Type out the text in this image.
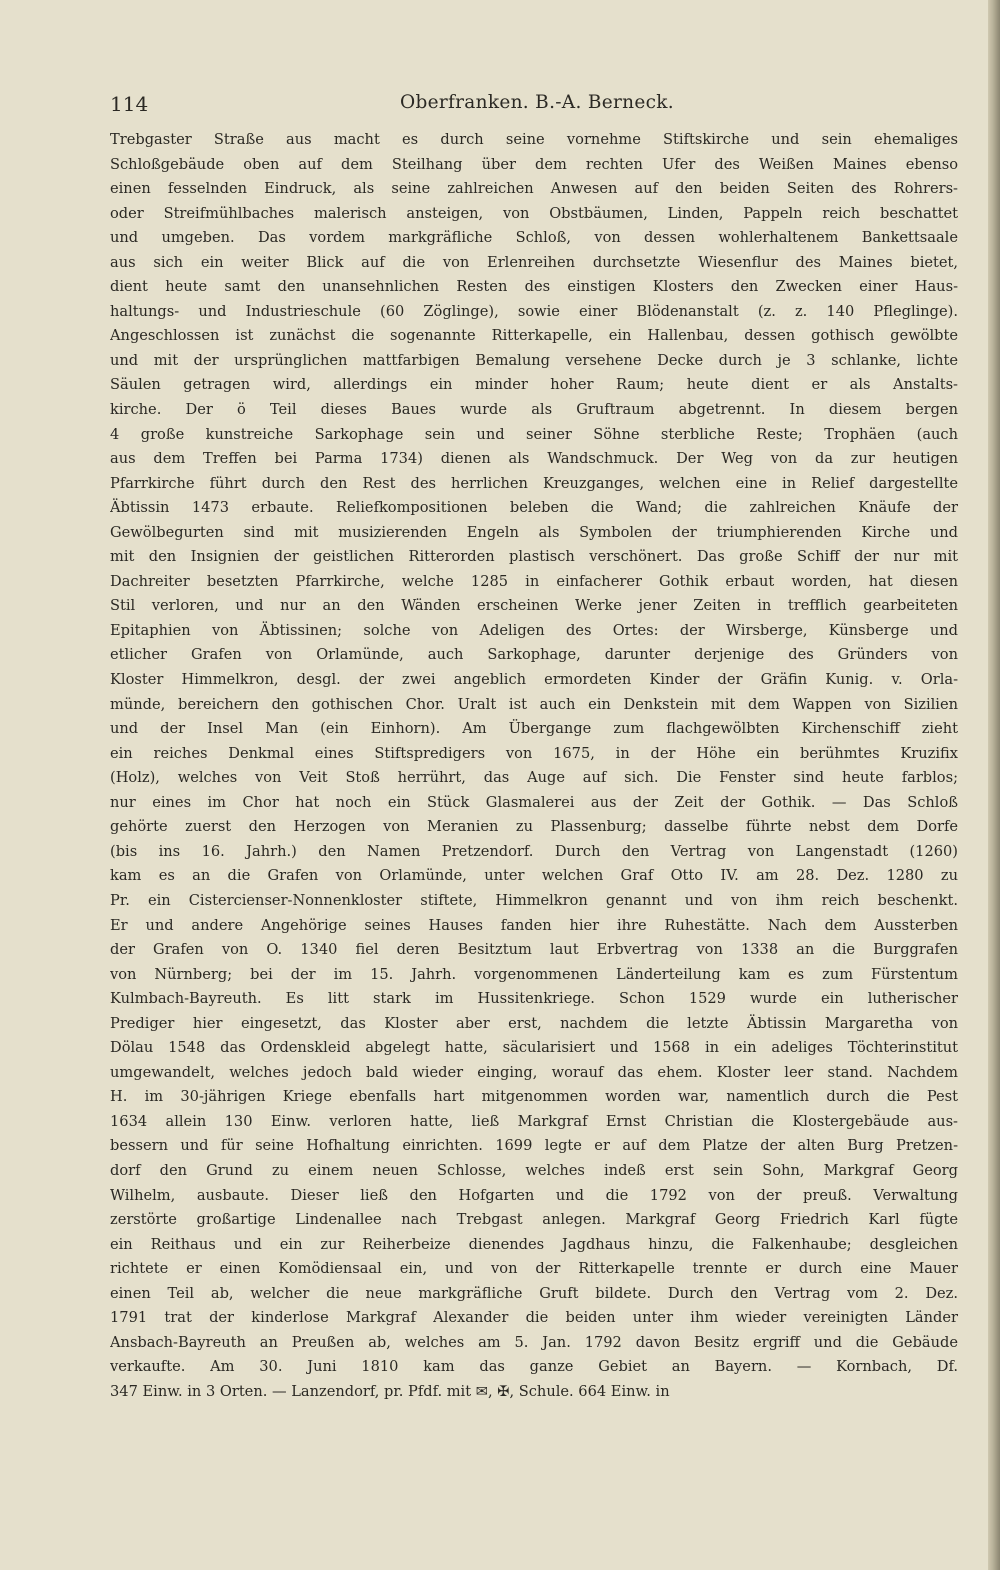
114	Oberfranken. B.-A. Berneck.
Trebgaster Straße aus macht es durch seine vornehme Stiftskirche und sein ehemaliges
Schloßgebäude oben auf dem Steilhang über dem rechten Ufer des Weißen Maines ebenso
einen fesselnden Eindruck, als seine zahlreichen Anwesen auf den beiden Seiten des Rohrers-
oder Streifmühlbaches malerisch ansteigen, von Obstbäumen, Linden, Pappeln reich beschattet
und umgeben. Das vordem markgräfliche Schloß, von dessen wohlerhaltenem Bankettsaale
aus sich ein weiter Blick auf die von Erlenreihen durchsetzte Wiesenflur des Maines bietet,
dient heute samt den unansehnlichen Resten des einstigen Klosters den Zwecken einer Haus-
haltungs- und Industrieschule (60 Zöglinge), sowie einer Blödenanstalt (z. z. 140 Pfleglinge).
Angeschlossen ist zunächst die sogenannte Ritterkapelle, ein Hallenbau, dessen gothisch gewölbte
und mit der ursprünglichen mattfarbigen Bemalung versehene Decke durch je 3 schlanke, lichte
Säulen getragen wird, allerdings ein minder hoher Raum; heute dient er als Anstalts-
kirche. Der ö Teil dieses Baues wurde als Gruftraum abgetrennt. In diesem bergen
4 große kunstreiche Sarkophage sein und seiner Söhne sterbliche Reste; Trophäen (auch
aus dem Treffen bei Parma 1734) dienen als Wandschmuck. Der Weg von da zur heutigen
Pfarrkirche führt durch den Rest des herrlichen Kreuzganges, welchen eine in Relief dargestellte
Äbtissin 1473 erbaute. Reliefkompositionen beleben die Wand; die zahlreichen Knäufe der
Gewölbegurten sind mit musizierenden Engeln als Symbolen der triumphierenden Kirche und
mit den Insignien der geistlichen Ritterorden plastisch verschönert. Das große Schiff der nur mit
Dachreiter besetzten Pfarrkirche, welche 1285 in einfacherer Gothik erbaut worden, hat diesen
Stil verloren, und nur an den Wänden erscheinen Werke jener Zeiten in trefflich gearbeiteten
Epitaphien von Äbtissinen; solche von Adeligen des Ortes: der Wirsberge, Künsberge und
etlicher Grafen von Orlamünde, auch Sarkophage, darunter derjenige des Gründers von
Kloster Himmelkron, desgl. der zwei angeblich ermordeten Kinder der Gräfin Kunig. v. Orla-
münde, bereichern den gothischen Chor. Uralt ist auch ein Denkstein mit dem Wappen von Sizilien
und der Insel Man (ein Einhorn). Am Übergange zum flachgewölbten Kirchenschiff zieht
ein reiches Denkmal eines Stiftspredigers von 1675, in der Höhe ein berühmtes Kruzifix
(Holz), welches von Veit Stoß herrührt, das Auge auf sich. Die Fenster sind heute farblos;
nur eines im Chor hat noch ein Stück Glasmalerei aus der Zeit der Gothik. — Das Schloß
gehörte zuerst den Herzogen von Meranien zu Plassenburg; dasselbe führte nebst dem Dorfe
(bis ins 16. Jahrh.) den Namen Pretzendorf. Durch den Vertrag von Langenstadt (1260)
kam es an die Grafen von Orlamünde, unter welchen Graf Otto IV. am 28. Dez. 1280 zu
Pr. ein Cistercienser-Nonnenkloster stiftete, Himmelkron genannt und von ihm reich beschenkt.
Er und andere Angehörige seines Hauses fanden hier ihre Ruhestätte. Nach dem Aussterben
der Grafen von O. 1340 fiel deren Besitztum laut Erbvertrag von 1338 an die Burggrafen
von Nürnberg; bei der im 15. Jahrh. vorgenommenen Länderteilung kam es zum Fürstentum
Kulmbach-Bayreuth. Es litt stark im Hussitenkriege. Schon 1529 wurde ein lutherischer
Prediger hier eingesetzt, das Kloster aber erst, nachdem die letzte Äbtissin Margaretha von
Dölau 1548 das Ordenskleid abgelegt hatte, säcularisiert und 1568 in ein adeliges Töchterinstitut
umgewandelt, welches jedoch bald wieder einging, worauf das ehem. Kloster leer stand. Nachdem
H. im 30-jährigen Kriege ebenfalls hart mitgenommen worden war, namentlich durch die Pest
1634 allein 130 Einw. verloren hatte, ließ Markgraf Ernst Christian die Klostergebäude aus-
bessern und für seine Hofhaltung einrichten. 1699 legte er auf dem Platze der alten Burg Pretzen-
dorf den Grund zu einem neuen Schlosse, welches indeß erst sein Sohn, Markgraf Georg
Wilhelm, ausbaute. Dieser ließ den Hofgarten und die 1792 von der preuß. Verwaltung
zerstörte großartige Lindenallee nach Trebgast anlegen. Markgraf Georg Friedrich Karl fügte
ein Reithaus und ein zur Reiherbeize dienendes Jagdhaus hinzu, die Falkenhaube; desgleichen
richtete er einen Komödiensaal ein, und von der Ritterkapelle trennte er durch eine Mauer
einen Teil ab, welcher die neue markgräfliche Gruft bildete. Durch den Vertrag vom 2. Dez.
1791 trat der kinderlose Markgraf Alexander die beiden unter ihm wieder vereinigten Länder
Ansbach-Bayreuth an Preußen ab, welches am 5. Jan. 1792 davon Besitz ergriff und die Gebäude
verkaufte. Am 30. Juni 1810 kam das ganze Gebiet an Bayern. — Kornbach, Df.
347 Einw. in 3 Orten. — Lanzendorf, pr. Pfdf. mit ✉, ✠, Schule. 664 Einw. in
